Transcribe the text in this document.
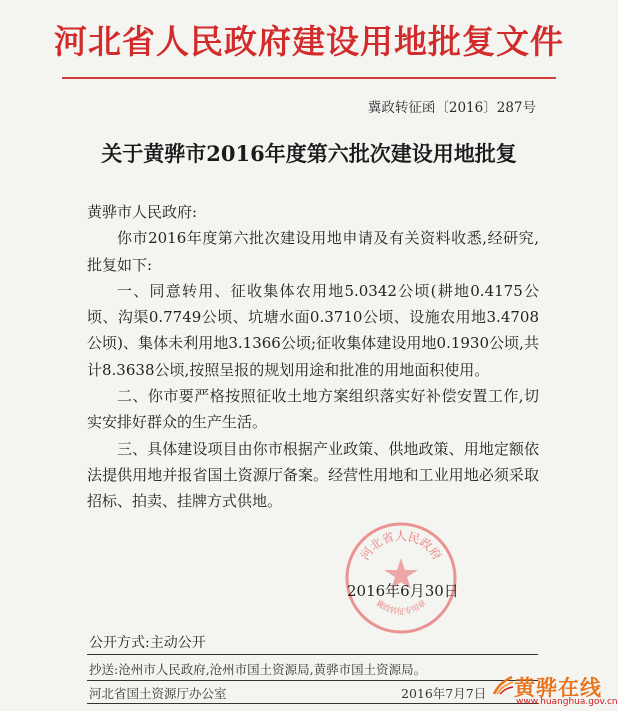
河北省人民政府建设用地批复文件
冀政转征函〔2016〕287号
关于黄骅市2016年度第六批次建设用地批复

黄骅市人民政府:

你市2016年度第六批次建设用地申请及有关资料收悉,经研究,批复如下:

一、同意转用、征收集体农用地5.0342公顷(耕地0.4175公顷、沟渠0.7749公顷、坑塘水面0.3710公顷、设施农用地3.4708公顷)、集体未利用地3.1366公顷;征收集体建设用地0.1930公顷,共计8.3638公顷,按照呈报的规划用途和批准的用地面积使用。

二、你市要严格按照征收土地方案组织落实好补偿安置工作,切实安排好群众的生产生活。

三、具体建设项目由你市根据产业政策、供地政策、用地定额依法提供用地并报省国土资源厅备案。经营性用地和工业用地必须采取招标、拍卖、挂牌方式供地。

河北省人民政府
冀政转征专用章
2016年6月30日
公开方式:主动公开
抄送:沧州市人民政府,沧州市国土资源局,黄骅市国土资源局。
河北省国土资源厅办公室	2016年7月7日 黄骅在线
www.huanghua.gov.cn
